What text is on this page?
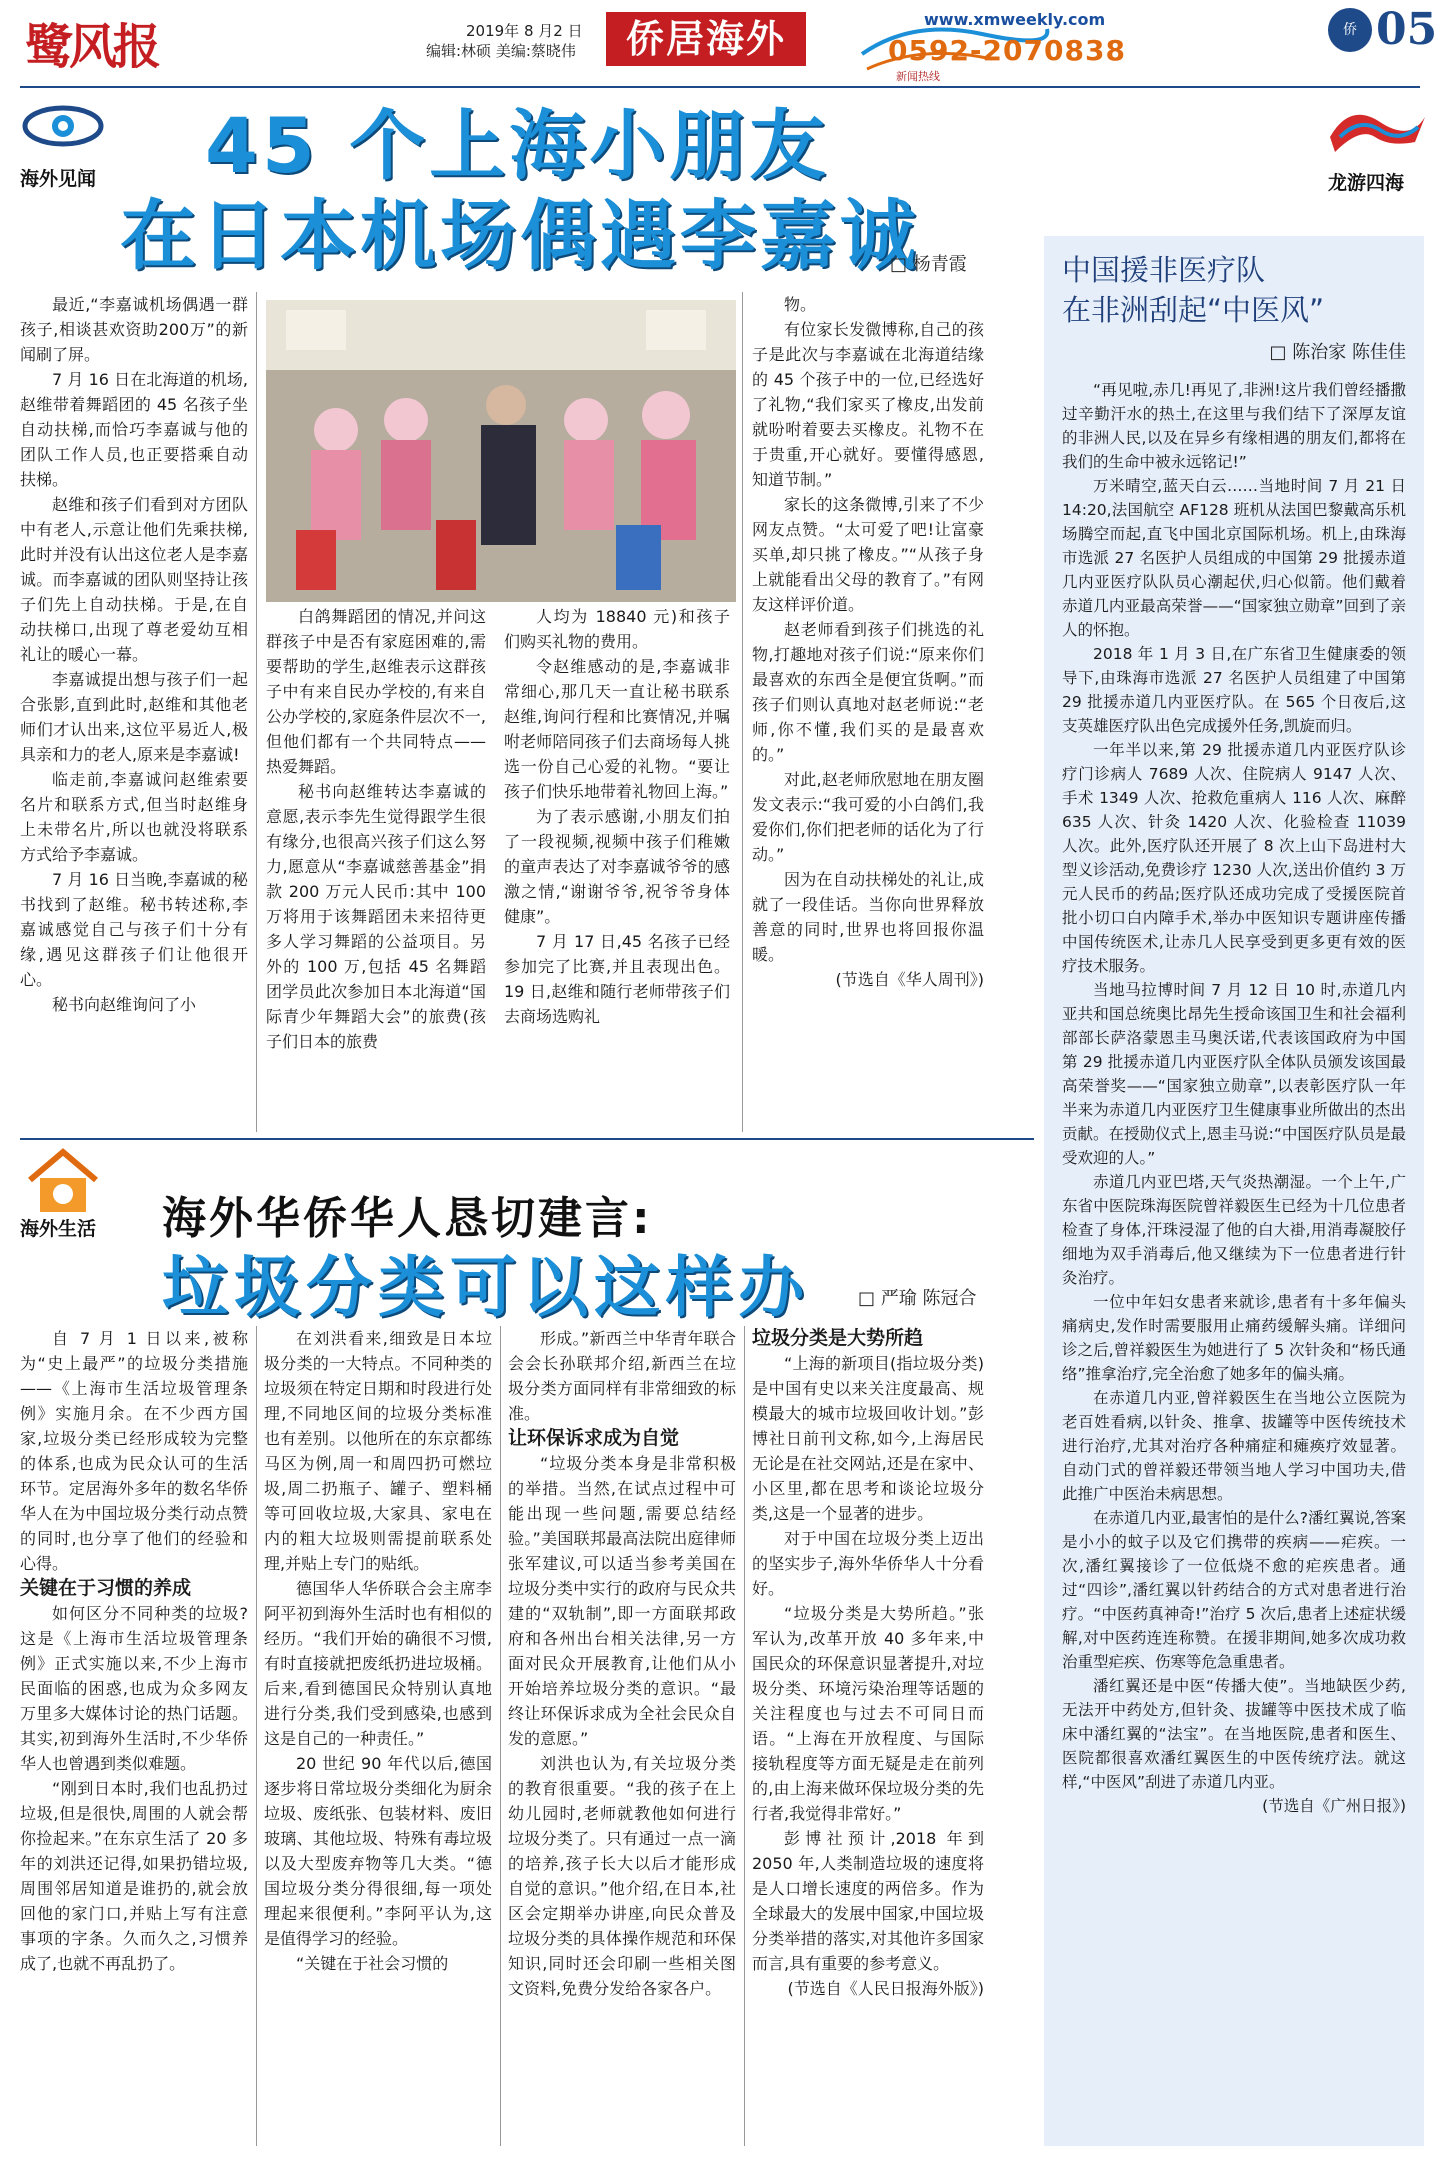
鹭风报	2019年 8 月2 日
编辑:林硕 美编:蔡晓伟	侨居海外	www.xmweekly.com
0592-2070838
新闻热线
侨 05
海外见闻 45 个上海小朋友
在日本机场偶遇李嘉诚
□ 杨青霞
龙游四海

最近,“李嘉诚机场偶遇一群孩子,相谈甚欢资助200万”的新闻刷了屏。

7 月 16 日在北海道的机场,赵维带着舞蹈团的 45 名孩子坐自动扶梯,而恰巧李嘉诚与他的团队工作人员,也正要搭乘自动扶梯。

赵维和孩子们看到对方团队中有老人,示意让他们先乘扶梯,此时并没有认出这位老人是李嘉诚。而李嘉诚的团队则坚持让孩子们先上自动扶梯。于是,在自动扶梯口,出现了尊老爱幼互相礼让的暖心一幕。

李嘉诚提出想与孩子们一起合张影,直到此时,赵维和其他老师们才认出来,这位平易近人,极具亲和力的老人,原来是李嘉诚!

临走前,李嘉诚问赵维索要名片和联系方式,但当时赵维身上未带名片,所以也就没将联系方式给予李嘉诚。

7 月 16 日当晚,李嘉诚的秘书找到了赵维。秘书转述称,李嘉诚感觉自己与孩子们十分有缘,遇见这群孩子们让他很开心。

秘书向赵维询问了小

白鸽舞蹈团的情况,并问这群孩子中是否有家庭困难的,需要帮助的学生,赵维表示这群孩子中有来自民办学校的,有来自公办学校的,家庭条件层次不一,但他们都有一个共同特点——热爱舞蹈。

秘书向赵维转达李嘉诚的意愿,表示李先生觉得跟学生很有缘分,也很高兴孩子们这么努力,愿意从“李嘉诚慈善基金”捐款 200 万元人民币:其中 100 万将用于该舞蹈团未来招待更多人学习舞蹈的公益项目。另外的 100 万,包括 45 名舞蹈团学员此次参加日本北海道“国际青少年舞蹈大会”的旅费(孩子们日本的旅费

人均为 18840 元)和孩子们购买礼物的费用。

令赵维感动的是,李嘉诚非常细心,那几天一直让秘书联系赵维,询问行程和比赛情况,并嘱咐老师陪同孩子们去商场每人挑选一份自己心爱的礼物。“要让孩子们快乐地带着礼物回上海。”

为了表示感谢,小朋友们拍了一段视频,视频中孩子们稚嫩的童声表达了对李嘉诚爷爷的感激之情,“谢谢爷爷,祝爷爷身体健康”。

7 月 17 日,45 名孩子已经参加完了比赛,并且表现出色。19 日,赵维和随行老师带孩子们去商场选购礼

物。

有位家长发微博称,自己的孩子是此次与李嘉诚在北海道结缘的 45 个孩子中的一位,已经选好了礼物,“我们家买了橡皮,出发前就吩咐着要去买橡皮。礼物不在于贵重,开心就好。要懂得感恩,知道节制。”

家长的这条微博,引来了不少网友点赞。“太可爱了吧!让富豪买单,却只挑了橡皮。”“从孩子身上就能看出父母的教育了。”有网友这样评价道。

赵老师看到孩子们挑选的礼物,打趣地对孩子们说:“原来你们最喜欢的东西全是便宜货啊。”而孩子们则认真地对赵老师说:“老师,你不懂,我们买的是最喜欢的。”

对此,赵老师欣慰地在朋友圈发文表示:“我可爱的小白鸽们,我爱你们,你们把老师的话化为了行动。”

因为在自动扶梯处的礼让,成就了一段佳话。当你向世界释放善意的同时,世界也将回报你温暖。

(节选自《华人周刊》)

海外生活 海外华侨华人恳切建言:
垃圾分类可以这样办
□	严瑜 陈冠合

自 7 月 1 日以来,被称为“史上最严”的垃圾分类措施——《上海市生活垃圾管理条例》实施月余。在不少西方国家,垃圾分类已经形成较为完整的体系,也成为民众认可的生活环节。定居海外多年的数名华侨华人在为中国垃圾分类行动点赞的同时,也分享了他们的经验和心得。

关键在于习惯的养成

如何区分不同种类的垃圾?这是《上海市生活垃圾管理条例》正式实施以来,不少上海市民面临的困惑,也成为众多网友万里多大媒体讨论的热门话题。其实,初到海外生活时,不少华侨华人也曾遇到类似难题。

“刚到日本时,我们也乱扔过垃圾,但是很快,周围的人就会帮你捡起来。”在东京生活了 20 多年的刘洪还记得,如果扔错垃圾,周围邻居知道是谁扔的,就会放回他的家门口,并贴上写有注意事项的字条。久而久之,习惯养成了,也就不再乱扔了。

在刘洪看来,细致是日本垃圾分类的一大特点。不同种类的垃圾须在特定日期和时段进行处理,不同地区间的垃圾分类标准也有差别。以他所在的东京都练马区为例,周一和周四扔可燃垃圾,周二扔瓶子、罐子、塑料桶等可回收垃圾,大家具、家电在内的粗大垃圾则需提前联系处理,并贴上专门的贴纸。

德国华人华侨联合会主席李阿平初到海外生活时也有相似的经历。“我们开始的确很不习惯,有时直接就把废纸扔进垃圾桶。后来,看到德国民众特别认真地进行分类,我们受到感染,也感到这是自己的一种责任。”

20 世纪 90 年代以后,德国逐步将日常垃圾分类细化为厨余垃圾、废纸张、包装材料、废旧玻璃、其他垃圾、特殊有毒垃圾以及大型废弃物等几大类。“德国垃圾分类分得很细,每一项处理起来很便利。”李阿平认为,这是值得学习的经验。

“关键在于社会习惯的

形成。”新西兰中华青年联合会会长孙联邦介绍,新西兰在垃圾分类方面同样有非常细致的标准。

让环保诉求成为自觉

“垃圾分类本身是非常积极的举措。当然,在试点过程中可能出现一些问题,需要总结经验。”美国联邦最高法院出庭律师张军建议,可以适当参考美国在垃圾分类中实行的政府与民众共建的“双轨制”,即一方面联邦政府和各州出台相关法律,另一方面对民众开展教育,让他们从小开始培养垃圾分类的意识。“最终让环保诉求成为全社会民众自发的意愿。”

刘洪也认为,有关垃圾分类的教育很重要。“我的孩子在上幼儿园时,老师就教他如何进行垃圾分类了。只有通过一点一滴的培养,孩子长大以后才能形成自觉的意识。”他介绍,在日本,社区会定期举办讲座,向民众普及垃圾分类的具体操作规范和环保知识,同时还会印刷一些相关图文资料,免费分发给各家各户。

垃圾分类是大势所趋

“上海的新项目(指垃圾分类)是中国有史以来关注度最高、规模最大的城市垃圾回收计划。”彭博社日前刊文称,如今,上海居民无论是在社交网站,还是在家中、小区里,都在思考和谈论垃圾分类,这是一个显著的进步。

对于中国在垃圾分类上迈出的坚实步子,海外华侨华人十分看好。

“垃圾分类是大势所趋。”张军认为,改革开放 40 多年来,中国民众的环保意识显著提升,对垃圾分类、环境污染治理等话题的关注程度也与过去不可同日而语。“上海在开放程度、与国际接轨程度等方面无疑是走在前列的,由上海来做环保垃圾分类的先行者,我觉得非常好。”

彭博社预计,2018 年到 2050 年,人类制造垃圾的速度将是人口增长速度的两倍多。作为全球最大的发展中国家,中国垃圾分类举措的落实,对其他许多国家而言,具有重要的参考意义。

(节选自《人民日报海外版》)

中国援非医疗队
在非洲刮起“中医风”
□ 陈治家 陈佳佳

“再见啦,赤几!再见了,非洲!这片我们曾经播撒过辛勤汗水的热土,在这里与我们结下了深厚友谊的非洲人民,以及在异乡有缘相遇的朋友们,都将在我们的生命中被永远铭记!”

万米晴空,蓝天白云……当地时间 7 月 21 日 14:20,法国航空 AF128 班机从法国巴黎戴高乐机场腾空而起,直飞中国北京国际机场。机上,由珠海市选派 27 名医护人员组成的中国第 29 批援赤道几内亚医疗队队员心潮起伏,归心似箭。他们戴着赤道几内亚最高荣誉——“国家独立勋章”回到了亲人的怀抱。

2018 年 1 月 3 日,在广东省卫生健康委的领导下,由珠海市选派 27 名医护人员组建了中国第 29 批援赤道几内亚医疗队。在 565 个日夜后,这支英雄医疗队出色完成援外任务,凯旋而归。

一年半以来,第 29 批援赤道几内亚医疗队诊疗门诊病人 7689 人次、住院病人 9147 人次、手术 1349 人次、抢救危重病人 116 人次、麻醉 635 人次、针灸 1420 人次、化验检查 11039 人次。此外,医疗队还开展了 8 次上山下岛进村大型义诊活动,免费诊疗 1230 人次,送出价值约 3 万元人民币的药品;医疗队还成功完成了受援医院首批小切口白内障手术,举办中医知识专题讲座传播中国传统医术,让赤几人民享受到更多更有效的医疗技术服务。

当地马拉博时间 7 月 12 日 10 时,赤道几内亚共和国总统奥比昂先生授命该国卫生和社会福利部部长萨洛蒙恩圭马奥沃诺,代表该国政府为中国第 29 批援赤道几内亚医疗队全体队员颁发该国最高荣誉奖——“国家独立勋章”,以表彰医疗队一年半来为赤道几内亚医疗卫生健康事业所做出的杰出贡献。在授勋仪式上,恩圭马说:“中国医疗队员是最受欢迎的人。”

赤道几内亚巴塔,天气炎热潮湿。一个上午,广东省中医院珠海医院曾祥毅医生已经为十几位患者检查了身体,汗珠浸湿了他的白大褂,用消毒凝胶仔细地为双手消毒后,他又继续为下一位患者进行针灸治疗。

一位中年妇女患者来就诊,患者有十多年偏头痛病史,发作时需要服用止痛药缓解头痛。详细问诊之后,曾祥毅医生为她进行了 5 次针灸和“杨氏通络”推拿治疗,完全治愈了她多年的偏头痛。

在赤道几内亚,曾祥毅医生在当地公立医院为老百姓看病,以针灸、推拿、拔罐等中医传统技术进行治疗,尤其对治疗各种痛症和瘫痪疗效显著。自动门式的曾祥毅还带领当地人学习中国功夫,借此推广中医治未病思想。

在赤道几内亚,最害怕的是什么?潘红翼说,答案是小小的蚊子以及它们携带的疾病——疟疾。一次,潘红翼接诊了一位低烧不愈的疟疾患者。通过“四诊”,潘红翼以针药结合的方式对患者进行治疗。“中医药真神奇!”治疗 5 次后,患者上述症状缓解,对中医药连连称赞。在援非期间,她多次成功救治重型疟疾、伤寒等危急重患者。

潘红翼还是中医“传播大使”。当地缺医少药,无法开中药处方,但针灸、拔罐等中医技术成了临床中潘红翼的“法宝”。在当地医院,患者和医生、医院都很喜欢潘红翼医生的中医传统疗法。就这样,“中医风”刮进了赤道几内亚。

(节选自《广州日报》)
